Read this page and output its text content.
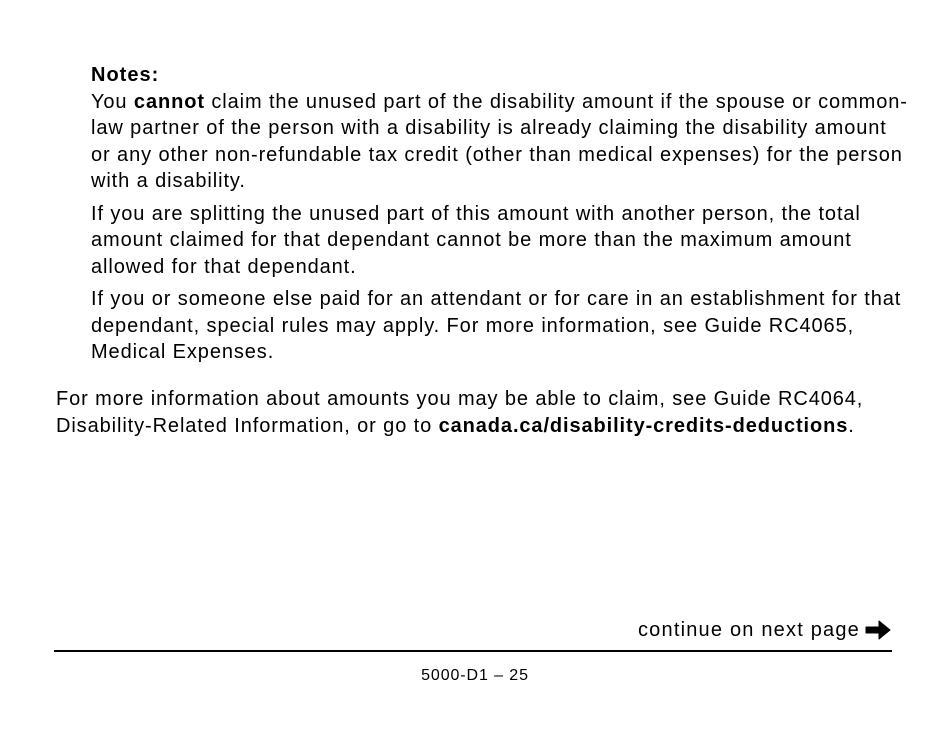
Notes:

You cannot claim the unused part of the disability amount if the spouse or common-law partner of the person with a disability is already claiming the disability amount or any other non-refundable tax credit (other than medical expenses) for the person with a disability.

If you are splitting the unused part of this amount with another person, the total amount claimed for that dependant cannot be more than the maximum amount allowed for that dependant.

If you or someone else paid for an attendant or for care in an establishment for that dependant, special rules may apply. For more information, see Guide RC4065, Medical Expenses.

For more information about amounts you may be able to claim, see Guide RC4064, Disability-Related Information, or go to canada.ca/disability-credits-deductions.

continue on next page
5000-D1 – 25
